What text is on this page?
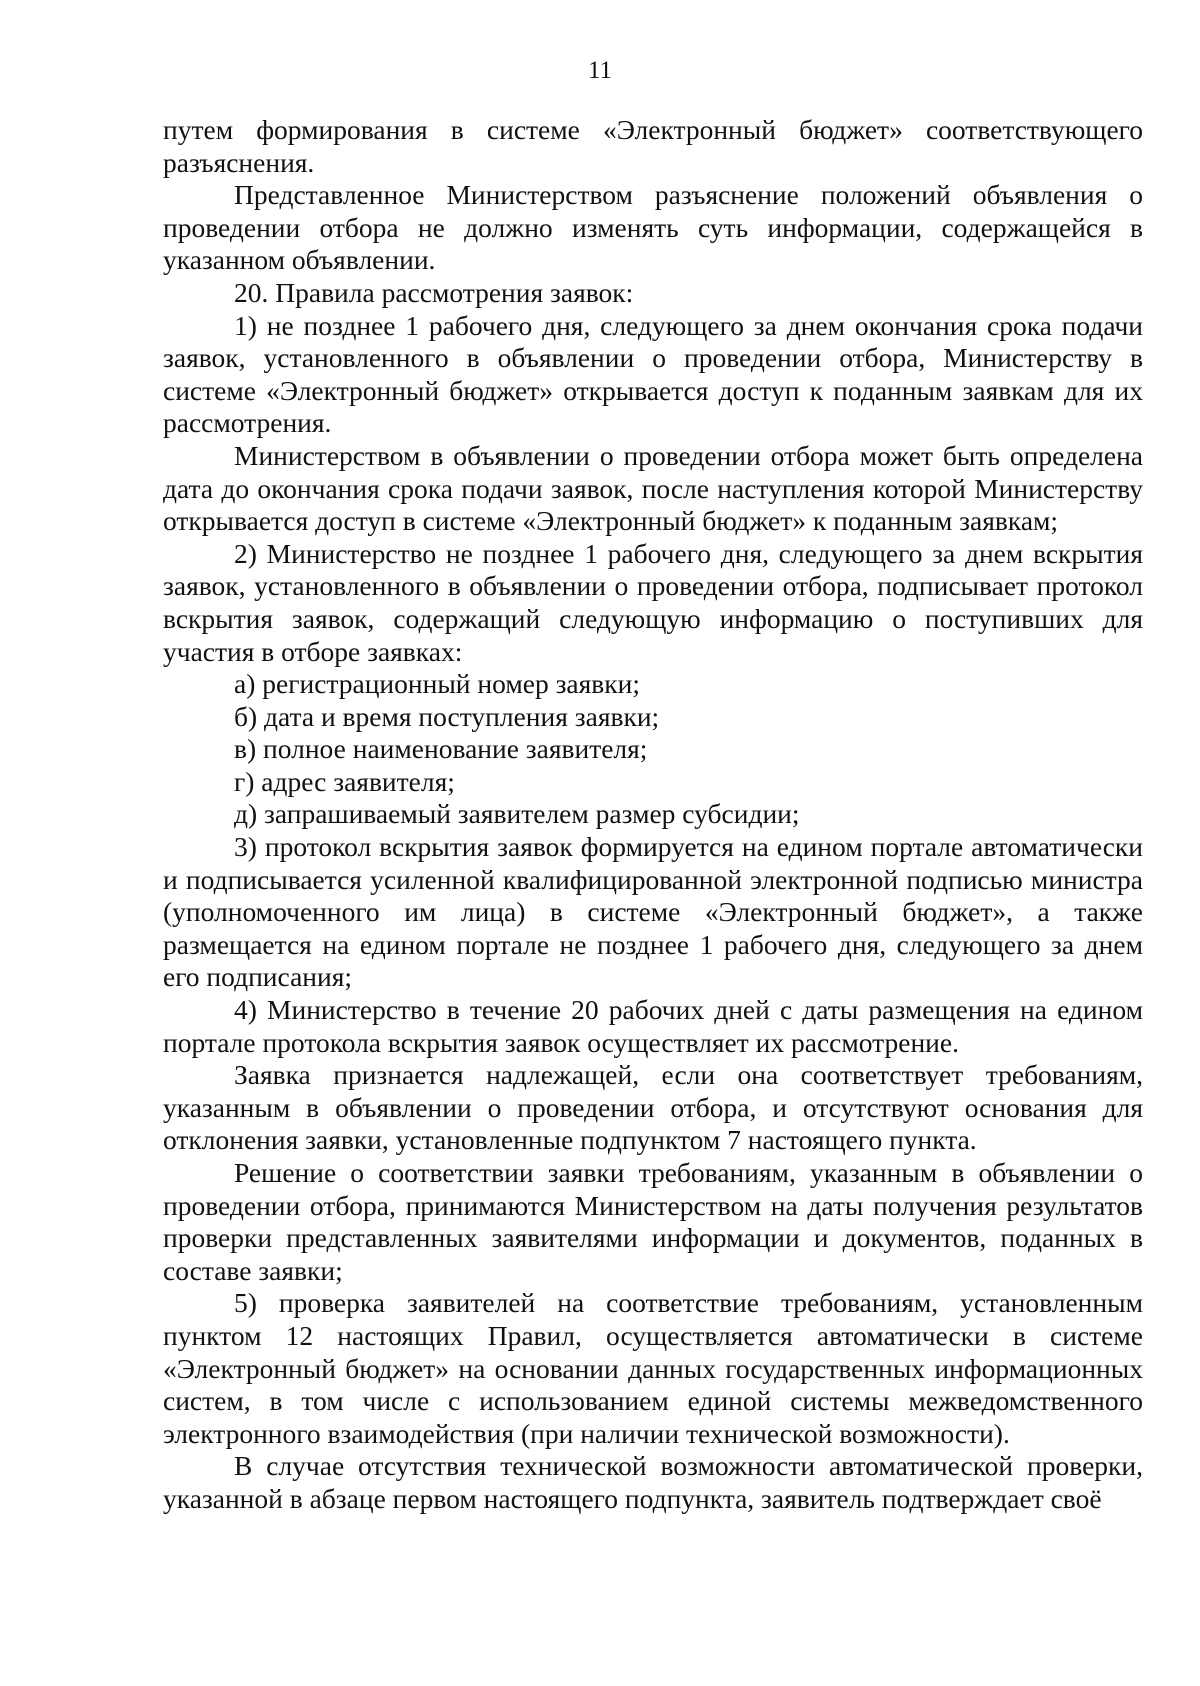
11

путем формирования в системе «Электронный бюджет» соответствующего разъяснения.

Представленное Министерством разъяснение положений объявления о проведении отбора не должно изменять суть информации, содержащейся в указанном объявлении.

20. Правила рассмотрения заявок:

1) не позднее 1 рабочего дня, следующего за днем окончания срока подачи заявок, установленного в объявлении о проведении отбора, Министерству в системе «Электронный бюджет» открывается доступ к поданным заявкам для их рассмотрения.

Министерством в объявлении о проведении отбора может быть определена дата до окончания срока подачи заявок, после наступления которой Министерству открывается доступ в системе «Электронный бюджет» к поданным заявкам;

2) Министерство не позднее 1 рабочего дня, следующего за днем вскрытия заявок, установленного в объявлении о проведении отбора, подписывает протокол вскрытия заявок, содержащий следующую информацию о поступивших для участия в отборе заявках:

а) регистрационный номер заявки;

б) дата и время поступления заявки;

в) полное наименование заявителя;

г) адрес заявителя;

д) запрашиваемый заявителем размер субсидии;

3) протокол вскрытия заявок формируется на едином портале автоматически и подписывается усиленной квалифицированной электронной подписью министра (уполномоченного им лица) в системе «Электронный бюджет», а также размещается на едином портале не позднее 1 рабочего дня, следующего за днем его подписания;

4) Министерство в течение 20 рабочих дней с даты размещения на едином портале протокола вскрытия заявок осуществляет их рассмотрение.

Заявка признается надлежащей, если она соответствует требованиям, указанным в объявлении о проведении отбора, и отсутствуют основания для отклонения заявки, установленные подпунктом 7 настоящего пункта.

Решение о соответствии заявки требованиям, указанным в объявлении о проведении отбора, принимаются Министерством на даты получения результатов проверки представленных заявителями информации и документов, поданных в составе заявки;

5) проверка заявителей на соответствие требованиям, установленным пунктом 12 настоящих Правил, осуществляется автоматически в системе «Электронный бюджет» на основании данных государственных информационных систем, в том числе с использованием единой системы межведомственного электронного взаимодействия (при наличии технической возможности).

В случае отсутствия технической возможности автоматической проверки, указанной в абзаце первом настоящего подпункта, заявитель подтверждает своё
